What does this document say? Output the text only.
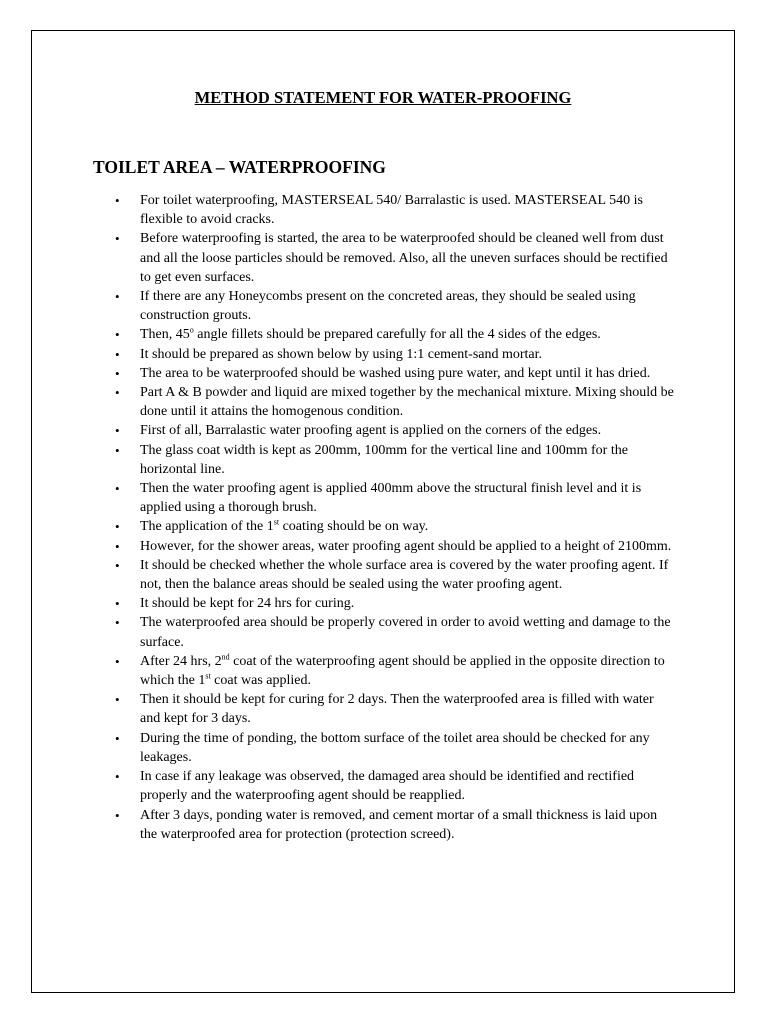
METHOD STATEMENT FOR WATER-PROOFING
TOILET AREA – WATERPROOFING
• For toilet waterproofing, MASTERSEAL 540/ Barralastic is used. MASTERSEAL 540 is flexible to avoid cracks.
• Before waterproofing is started, the area to be waterproofed should be cleaned well from dust and all the loose particles should be removed. Also, all the uneven surfaces should be rectified to get even surfaces.
• If there are any Honeycombs present on the concreted areas, they should be sealed using construction grouts.
• Then, 45$^o$ angle fillets should be prepared carefully for all the 4 sides of the edges.
• It should be prepared as shown below by using 1:1 cement-sand mortar.
• The area to be waterproofed should be washed using pure water, and kept until it has dried.
• Part A & B powder and liquid are mixed together by the mechanical mixture. Mixing should be done until it attains the homogenous condition.
• First of all, Barralastic water proofing agent is applied on the corners of the edges.
• The glass coat width is kept as 200mm, 100mm for the vertical line and 100mm for the horizontal line.
• Then the water proofing agent is applied 400mm above the structural finish level and it is applied using a thorough brush.
• The application of the 1st coating should be on way.
• However, for the shower areas, water proofing agent should be applied to a height of 2100mm.
• It should be checked whether the whole surface area is covered by the water proofing agent. If not, then the balance areas should be sealed using the water proofing agent.
• It should be kept for 24 hrs for curing.
• The waterproofed area should be properly covered in order to avoid wetting and damage to the surface.
• After 24 hrs, 2nd coat of the waterproofing agent should be applied in the opposite direction to which the 1st coat was applied.
• Then it should be kept for curing for 2 days. Then the waterproofed area is filled with water and kept for 3 days.
• During the time of ponding, the bottom surface of the toilet area should be checked for any leakages.
• In case if any leakage was observed, the damaged area should be identified and rectified properly and the waterproofing agent should be reapplied.
• After 3 days, ponding water is removed, and cement mortar of a small thickness is laid upon the waterproofed area for protection (protection screed).
